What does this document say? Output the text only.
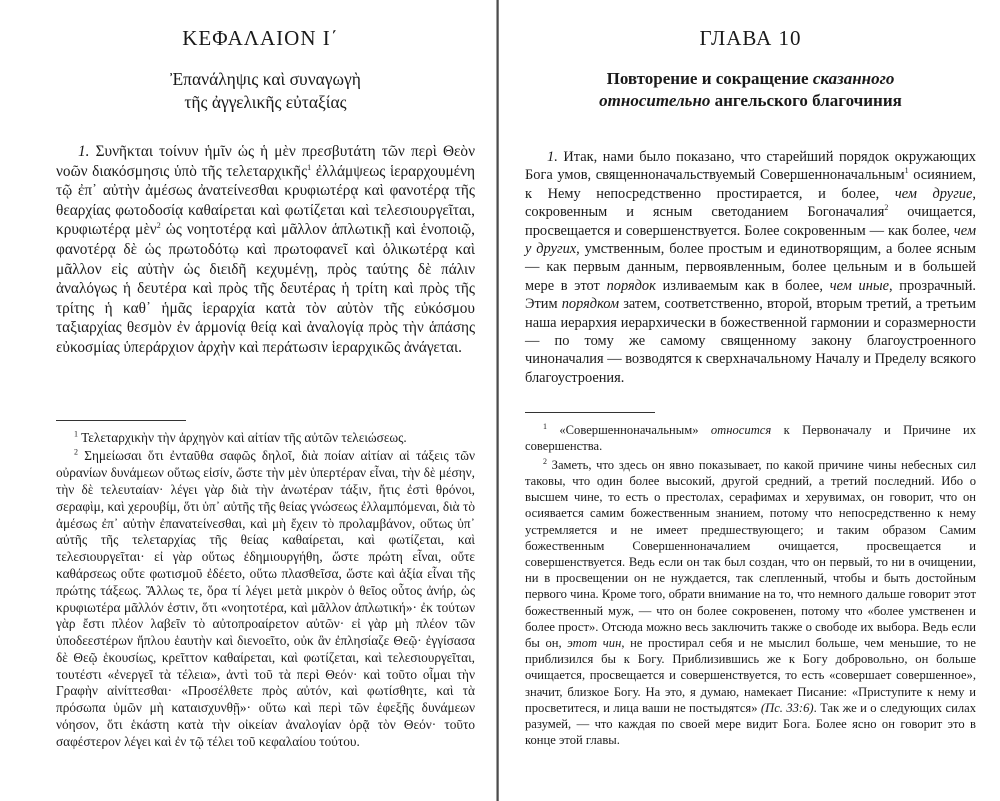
ΚΕΦΑΛΑΙΟΝ Ι΄
Ἐπανάληψις καὶ συναγωγὴ
τῆς ἀγγελικῆς εὐταξίας

1. Συνῆκται τοίνυν ἡμῖν ὡς ἡ μὲν πρεσβυτάτη τῶν περὶ Θεὸν νοῶν διακόσμησις ὑπὸ τῆς τελεταρχικῆς$^1$ ἐλλάμψεως ἱεραρχουμένη τῷ ἐπ᾿ αὐτὴν ἀμέσως ἀνατείνεσθαι κρυφιωτέρᾳ καὶ φανοτέρᾳ τῆς θεαρχίας φωτοδοσίᾳ καθαίρεται καὶ φωτίζεται καὶ τελεσιουργεῖται, κρυφιωτέρᾳ μὲν$^2$ ὡς νοητοτέρᾳ καὶ μᾶλλον ἁπλωτικῇ καὶ ἑνοποιῷ, φανοτέρᾳ δὲ ὡς πρωτοδότῳ καὶ πρωτοφανεῖ καὶ ὁλικωτέρᾳ καὶ μᾶλλον εἰς αὐτὴν ὡς διειδῆ κεχυμένῃ, πρὸς ταύτης δὲ πάλιν ἀναλόγως ἡ δευτέρα καὶ πρὸς τῆς δευτέρας ἡ τρίτη καὶ πρὸς τῆς τρίτης ἡ καθ᾿ ἡμᾶς ἱεραρχία κατὰ τὸν αὐτὸν τῆς εὐκόσμου ταξιαρχίας θεσμὸν ἐν ἁρμονίᾳ θείᾳ καὶ ἀναλογίᾳ πρὸς τὴν ἁπάσης εὐκοσμίας ὑπεράρχιον ἀρχὴν καὶ περάτωσιν ἱεραρχικῶς ἀνάγεται.

$^1$ Τελεταρχικὴν τὴν ἀρχηγὸν καὶ αἰτίαν τῆς αὐτῶν τελειώσεως.

$^2$ Σημείωσαι ὅτι ἐνταῦθα σαφῶς δηλοῖ, διὰ ποίαν αἰτίαν αἱ τάξεις τῶν οὐρανίων δυνάμεων οὕτως εἰσίν, ὥστε τὴν μὲν ὑπερτέραν εἶναι, τὴν δὲ μέσην, τὴν δὲ τελευταίαν· λέγει γὰρ διὰ τὴν ἀνωτέραν τάξιν, ἤτις ἐστὶ θρόνοι, σεραφὶμ, καὶ χερουβίμ, ὅτι ὑπ᾿ αὐτῆς τῆς θείας γνώσεως ἐλλαμπόμεναι, διὰ τὸ ἀμέσως ἐπ᾿ αὐτὴν ἐπανατείνεσθαι, καὶ μὴ ἔχειν τὸ προλαμβάνον, οὕτως ὑπ᾿ αὐτῆς τῆς τελεταρχίας τῆς θείας καθαίρεται, καὶ φωτίζεται, καὶ τελεσιουργεῖται· εἰ γὰρ οὕτως ἐδημιουργήθη, ὥστε πρώτη εἶναι, οὔτε καθάρσεως οὔτε φωτισμοῦ ἐδέετο, οὕτω πλασθεῖσα, ὥστε καὶ ἀξία εἶναι τῆς πρώτης τάξεως. Ἄλλως τε, ὅρα τί λέγει μετὰ μικρὸν ὁ θεῖος οὗτος ἀνήρ, ὡς κρυφιωτέρα μᾶλλόν ἐστιν, ὅτι «νοητοτέρα, καὶ μᾶλλον ἁπλωτική»· ἐκ τούτων γὰρ ἔστι πλέον λαβεῖν τὸ αὐτοπροαίρετον αὐτῶν· εἰ γὰρ μὴ πλέον τῶν ὑποδεεστέρων ἤπλου ἑαυτὴν καὶ διενοεῖτο, οὐκ ἂν ἐπλησίαζε Θεῷ· ἐγγίσασα δὲ Θεῷ ἑκουσίως, κρεῖττον καθαίρεται, καὶ φωτίζεται, καὶ τελεσιουργεῖται, τουτέστι «ἐνεργεῖ τὰ τέλεια», ἀντὶ τοῦ τὰ περὶ Θεόν· καὶ τοῦτο οἶμαι τὴν Γραφὴν αἰνίττεσθαι· «Προσέλθετε πρὸς αὐτόν, καὶ φωτίσθητε, καὶ τὰ πρόσωπα ὑμῶν μὴ καταισχυνθῇ»· οὕτω καὶ περὶ τῶν ἐφεξῆς δυνάμεων νόησον, ὅτι ἑκάστη κατὰ τὴν οἰκείαν ἀναλογίαν ὁρᾷ τὸν Θεόν· τοῦτο σαφέστερον λέγει καὶ ἐν τῷ τέλει τοῦ κεφαλαίου τούτου.

ГЛАВА 10
Повторение и сокращение сказанного
относительно ангельского благочиния

1. Итак, нами было показано, что старейший порядок окружающих Бога умов, священноначальствуемый Совершенноначальным$^1$ осиянием, к Нему непосредственно простирается, и более, чем другие, сокровенным и ясным светоданием Богоначалия$^2$ очищается, просвещается и совершенствуется. Более сокровенным — как более, чем у других, умственным, более простым и единотворящим, а более ясным — как первым данным, первоявленным, более цельным и в большей мере в этот порядок изливаемым как в более, чем иные, прозрачный. Этим порядком затем, соответственно, второй, вторым третий, а третьим наша иерархия иерархически в божественной гармонии и соразмерности — по тому же самому священному закону благоустроенного чиноначалия — возводятся к сверхначальному Началу и Пределу всякого благоустроения.

$^1$ «Совершенноначальным» относится к Первоначалу и Причине их совершенства.

$^2$ Заметь, что здесь он явно показывает, по какой причине чины небесных сил таковы, что один более высокий, другой средний, а третий последний. Ибо о высшем чине, то есть о престолах, серафимах и херувимах, он говорит, что он осиявается самим божественным знанием, потому что непосредственно к нему устремляется и не имеет предшествующего; и таким образом Самим божественным Совершенноначалием очищается, просвещается и совершенствуется. Ведь если он так был создан, что он первый, то ни в очищении, ни в просвещении он не нуждается, так слепленный, чтобы и быть достойным первого чина. Кроме того, обрати внимание на то, что немного дальше говорит этот божественный муж, — что он более сокровенен, потому что «более умственен и более прост». Отсюда можно весь заключить также о свободе их выбора. Ведь если бы он, этот чин, не простирал себя и не мыслил больше, чем меньшие, то не приблизился бы к Богу. Приблизившись же к Богу добровольно, он больше очищается, просвещается и совершенствуется, то есть «совершает совершенное», значит, близкое Богу. На это, я думаю, намекает Писание: «Приступите к нему и просветитеся, и лица ваши не постыдятся» (Пс. 33:6). Так же и о следующих силах разумей, — что каждая по своей мере видит Бога. Более ясно он говорит это в конце этой главы.
